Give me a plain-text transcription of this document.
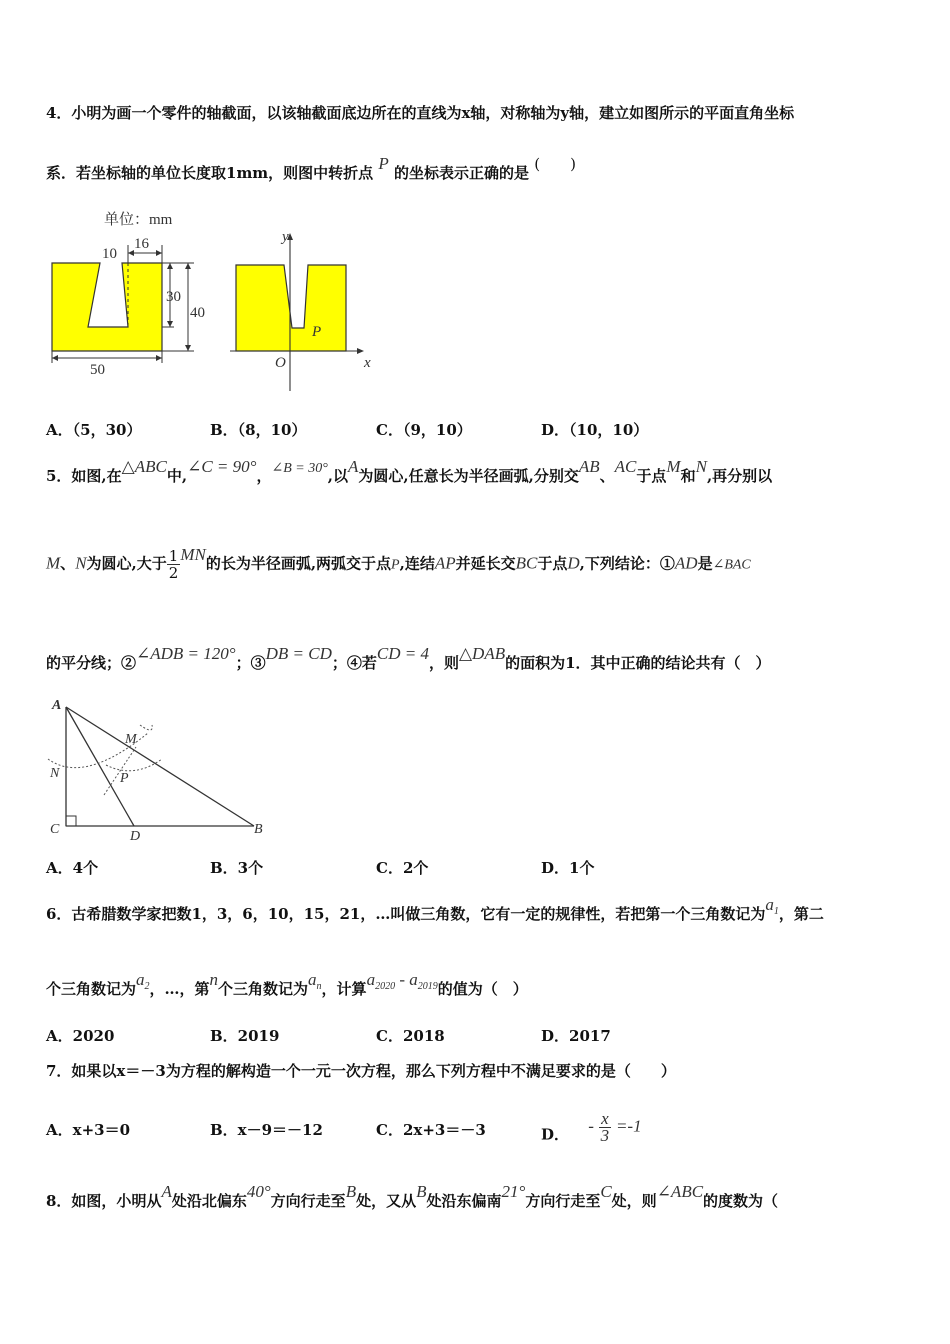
4．小明为画一个零件的轴截面，以该轴截面底边所在的直线为x轴，对称轴为y轴，建立如图所示的平面直角坐标
系．若坐标轴的单位长度取1mm，则图中转折点 P 的坐标表示正确的是 (　　)
单位：mm
10
16
30
40
50
y
x
O
P
A．（5，30）	B．（8，10）	C．（9，10）	D．（10，10）
5．如图,在△ABC中,∠C = 90°，∠B = 30°,以A为圆心,任意长为半径画弧,分别交AB、AC于点M和N,再分别以
M、N为圆心,大于 $\frac{1}{2}$ MN的长为半径画弧,两弧交于点P,连结AP并延长交BC于点D,下列结论：①AD是∠BAC
的平分线；②∠ADB = 120°；③DB = CD；④若CD = 4，则△DAB的面积为1．其中正确的结论共有（　）
A
M
N	P
C	D	B
A．4个	B．3个	C．2个	D．1个
6．古希腊数学家把数1，3，6，10，15，21，…叫做三角数，它有一定的规律性，若把第一个三角数记为$a_1$，第二
个三角数记为$a_2$，…，第n个三角数记为$a_n$，计算$a_{2020} - a_{2019}$的值为（　）
A．2020	B．2019	C．2018	D．2017
7．如果以x＝－3为方程的解构造一个一元一次方程，那么下列方程中不满足要求的是（　　）
A．x+3＝0	B．x－9＝－12	C．2x+3＝－3	D． - $\frac{x}{3} =-1$
8．如图，小明从A处沿北偏东40°方向行走至B处，又从B处沿东偏南21°方向行走至C处，则∠ABC的度数为（
